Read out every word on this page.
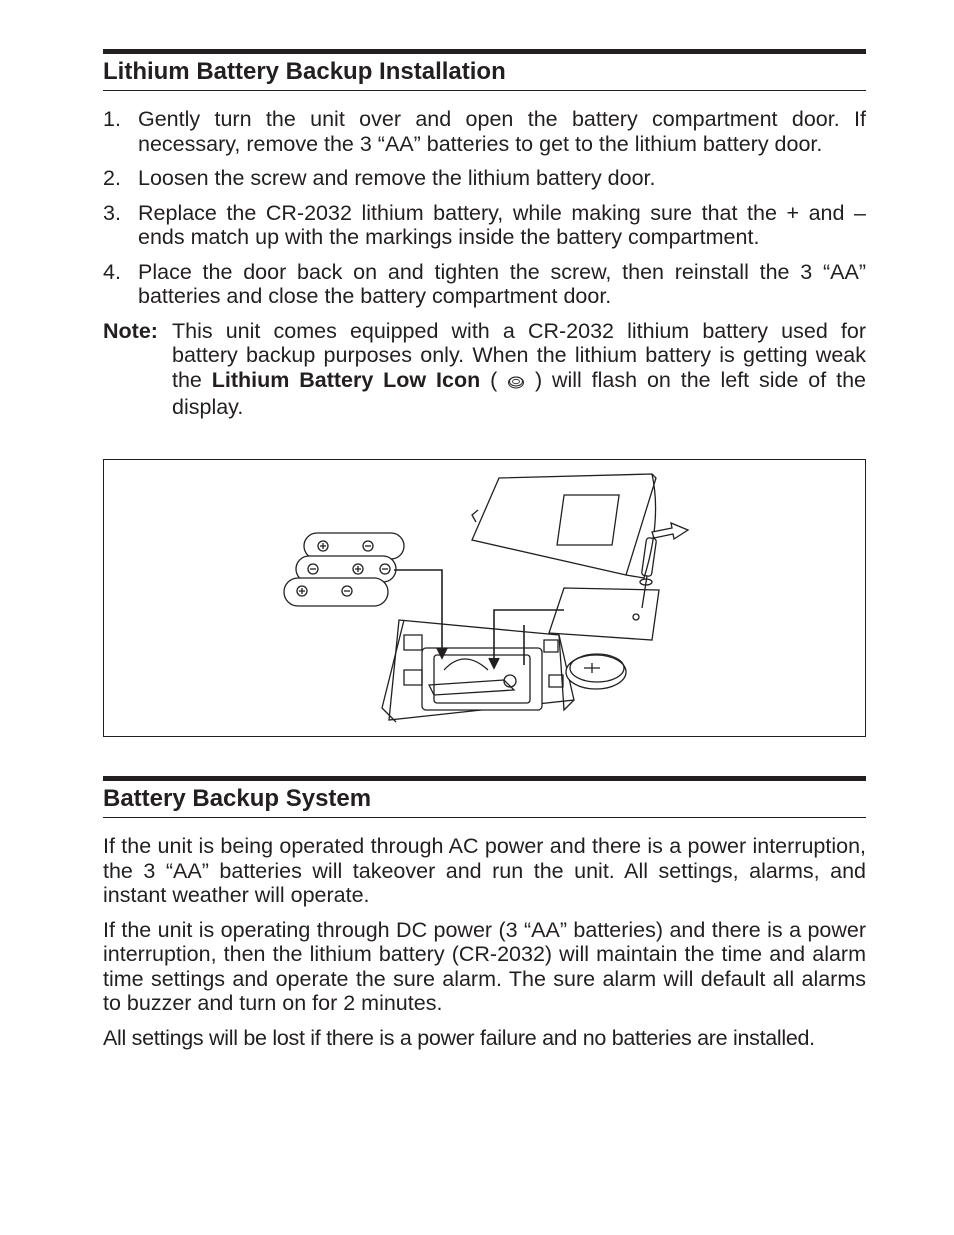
Lithium Battery Backup Installation
1. Gently turn the unit over and open the battery compartment door. If necessary, remove the 3 “AA” batteries to get to the lithium battery door.
2. Loosen the screw and remove the lithium battery door.
3. Replace the CR-2032 lithium battery, while making sure that the + and – ends match up with the markings inside the battery compartment.
4. Place the door back on and tighten the screw, then reinstall the 3 “AA” batteries and close the battery compartment door.
Note: This unit comes equipped with a CR-2032 lithium battery used for battery backup purposes only. When the lithium battery is getting weak the Lithium Battery Low Icon (  ) will flash on the left side of the display.
Battery Backup System
If the unit is being operated through AC power and there is a power interruption, the 3 “AA” batteries will takeover and run the unit. All settings, alarms, and instant weather will operate.
If the unit is operating through DC power (3 “AA” batteries) and there is a power interruption, then the lithium battery (CR-2032) will maintain the time and alarm time settings and operate the sure alarm. The sure alarm will default all alarms to buzzer and turn on for 2 minutes.
All settings will be lost if there is a power failure and no batteries are installed.
